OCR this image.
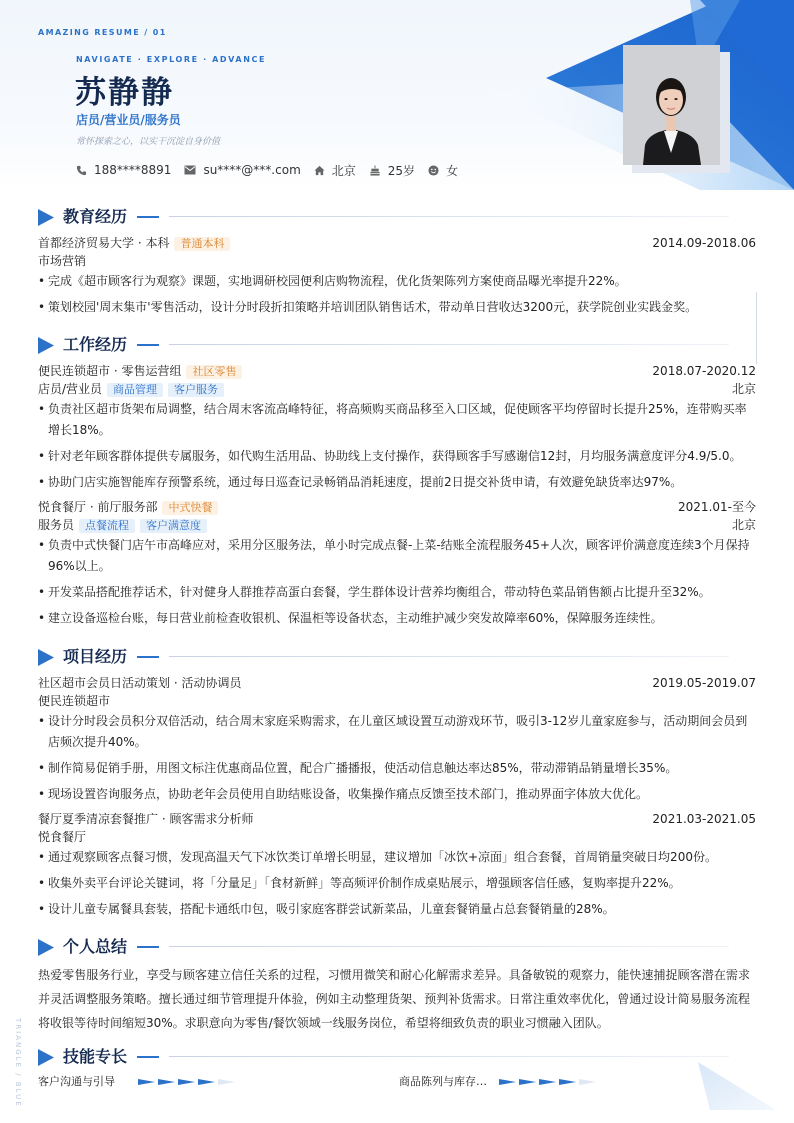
AMAZING RESUME / 01
NAVIGATE · EXPLORE · ADVANCE
苏静静
店员/营业员/服务员
常怀探索之心，以实干沉淀自身价值
188****8891	su****@***.com	北京	25岁	女
TRIANGLE / BLUE
教育经历
首都经济贸易大学 · 本科 普通本科	2014.09-2018.06
市场营销
• 完成《超市顾客行为观察》课题，实地调研校园便利店购物流程，优化货架陈列方案使商品曝光率提升22%。
• 策划校园'周末集市'零售活动，设计分时段折扣策略并培训团队销售话术，带动单日营收达3200元，获学院创业实践金奖。
工作经历
便民连锁超市 · 零售运营组 社区零售	2018.07-2020.12
店员/营业员 商品管理 客户服务	北京
• 负责社区超市货架布局调整，结合周末客流高峰特征，将高频购买商品移至入口区域，促使顾客平均停留时长提升25%，连带购买率增长18%。
• 针对老年顾客群体提供专属服务，如代购生活用品、协助线上支付操作，获得顾客手写感谢信12封，月均服务满意度评分4.9/5.0。
• 协助门店实施智能库存预警系统，通过每日巡查记录畅销品消耗速度，提前2日提交补货申请，有效避免缺货率达97%。
悦食餐厅 · 前厅服务部 中式快餐	2021.01-至今
服务员 点餐流程 客户满意度	北京
• 负责中式快餐门店午市高峰应对，采用分区服务法，单小时完成点餐-上菜-结账全流程服务45+人次，顾客评价满意度连续3个月保持96%以上。
• 开发菜品搭配推荐话术，针对健身人群推荐高蛋白套餐，学生群体设计营养均衡组合，带动特色菜品销售额占比提升至32%。
• 建立设备巡检台账，每日营业前检查收银机、保温柜等设备状态，主动维护减少突发故障率60%，保障服务连续性。
项目经历
社区超市会员日活动策划 · 活动协调员	2019.05-2019.07
便民连锁超市
• 设计分时段会员积分双倍活动，结合周末家庭采购需求，在儿童区域设置互动游戏环节，吸引3-12岁儿童家庭参与，活动期间会员到店频次提升40%。
• 制作简易促销手册，用图文标注优惠商品位置，配合广播播报，使活动信息触达率达85%，带动滞销品销量增长35%。
• 现场设置咨询服务点，协助老年会员使用自助结账设备，收集操作痛点反馈至技术部门，推动界面字体放大优化。
餐厅夏季清凉套餐推广 · 顾客需求分析师	2021.03-2021.05
悦食餐厅
• 通过观察顾客点餐习惯，发现高温天气下冰饮类订单增长明显，建议增加「冰饮+凉面」组合套餐，首周销量突破日均200份。
• 收集外卖平台评论关键词，将「分量足」「食材新鲜」等高频评价制作成桌贴展示，增强顾客信任感，复购率提升22%。
• 设计儿童专属餐具套装，搭配卡通纸巾包，吸引家庭客群尝试新菜品，儿童套餐销量占总套餐销量的28%。
个人总结
热爱零售服务行业，享受与顾客建立信任关系的过程，习惯用微笑和耐心化解需求差异。具备敏锐的观察力，能快速捕捉顾客潜在需求并灵活调整服务策略。擅长通过细节管理提升体验，例如主动整理货架、预判补货需求。日常注重效率优化，曾通过设计简易服务流程将收银等待时间缩短30%。求职意向为零售/餐饮领域一线服务岗位，希望将细致负责的职业习惯融入团队。
技能专长
客户沟通与引导	商品陈列与库存…
